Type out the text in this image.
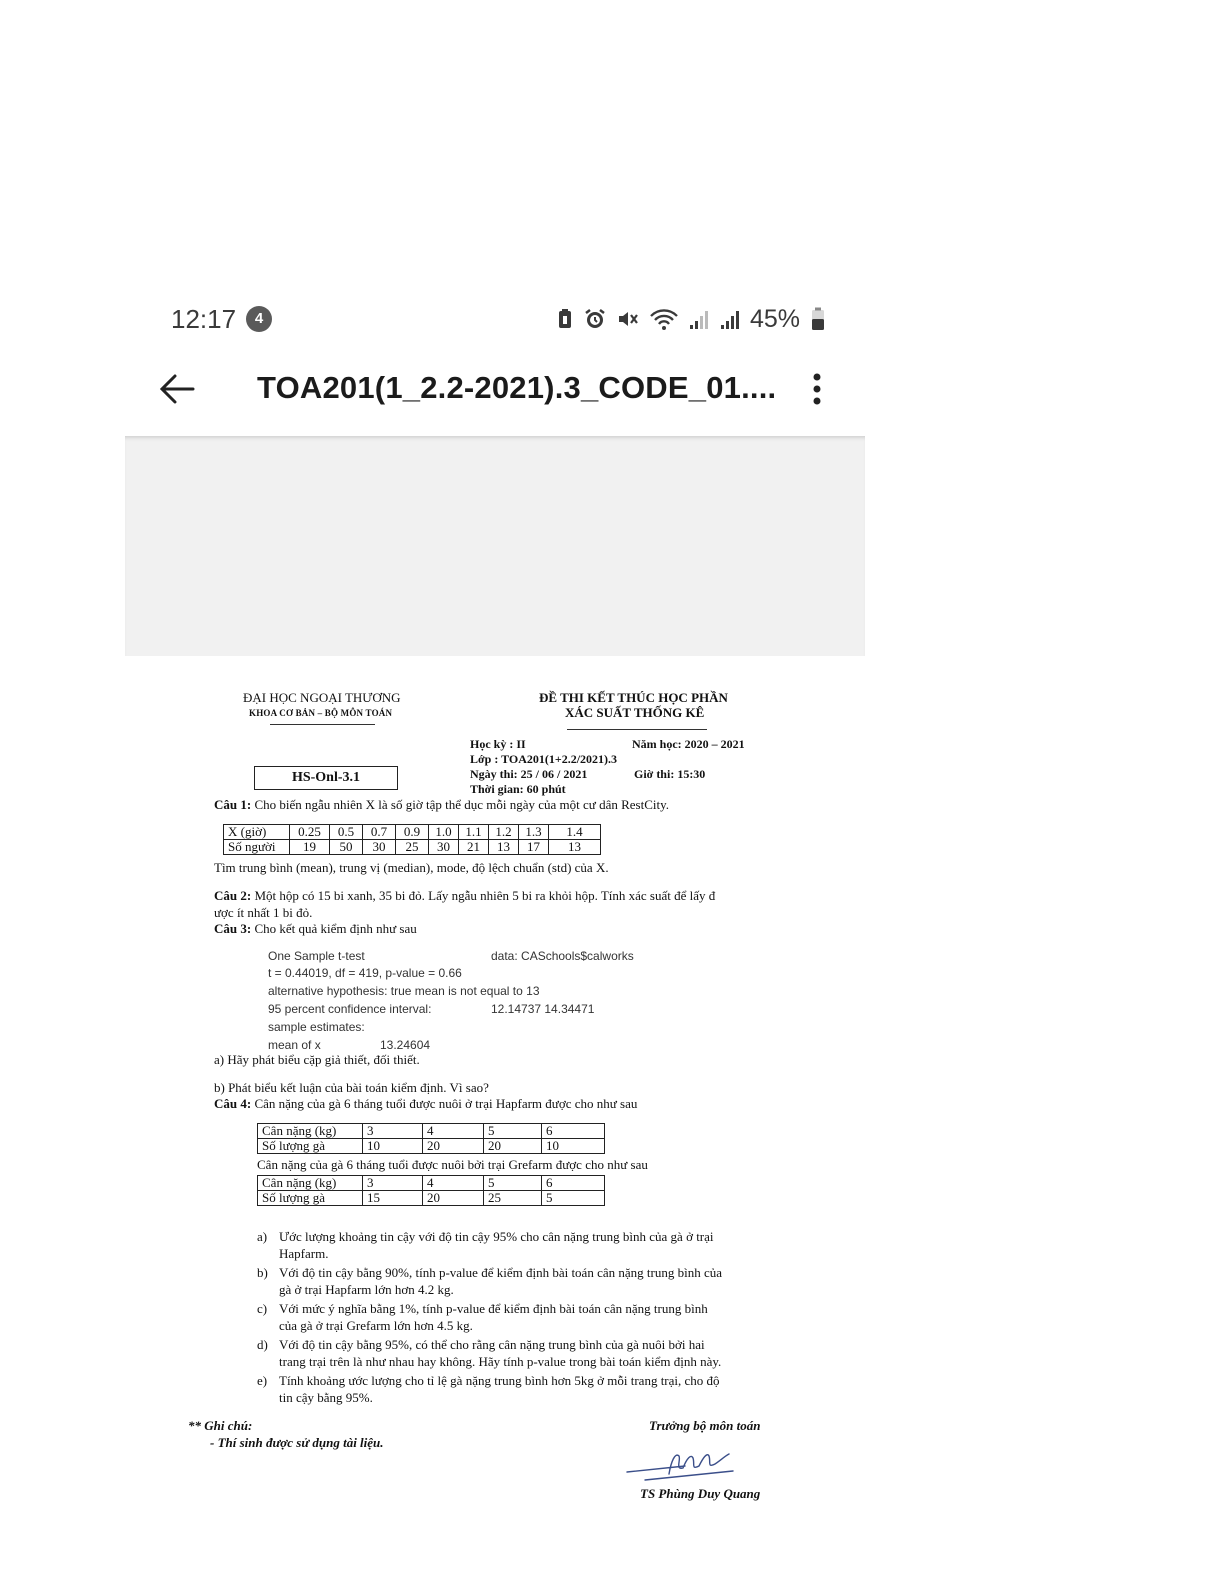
12:17	4	45%
TOA201(1_2.2-2021).3_CODE_01....
ĐẠI HỌC NGOẠI THƯƠNG
KHOA CƠ BẢN – BỘ MÔN TOÁN
ĐỀ THI KẾT THÚC HỌC PHẦN
XÁC SUẤT THỐNG KÊ
Học kỳ : II	Năm học: 2020 – 2021
Lớp : TOA201(1+2.2/2021).3
Ngày thi: 25 / 06 / 2021	Giờ thi: 15:30
Thời gian: 60 phút
HS-Onl-3.1
Câu 1: Cho biến ngẫu nhiên X là số giờ tập thể dục mỗi ngày của một cư dân RestCity.
X (giờ)	0.25	0.5	0.7	0.9	1.0	1.1	1.2	1.3	1.4
Số người	19	50	30	25	30	21	13	17	13
Tìm trung bình (mean), trung vị (median), mode, độ lệch chuẩn (std) của X.
Câu 2: Một hộp có 15 bi xanh, 35 bi đỏ. Lấy ngẫu nhiên 5 bi ra khỏi hộp. Tính xác suất để lấy đ
ược ít nhất 1 bi đỏ.
Câu 3: Cho kết quả kiểm định như sau
One Sample t-test	data: CASchools$calworks
t = 0.44019, df = 419, p-value = 0.66
alternative hypothesis: true mean is not equal to 13
95 percent confidence interval:	12.14737 14.34471
sample estimates:
mean of x	13.24604
a) Hãy phát biểu cặp giả thiết, đối thiết.
b) Phát biểu kết luận của bài toán kiểm định. Vì sao?
Câu 4: Cân nặng của gà 6 tháng tuổi được nuôi ở trại Hapfarm được cho như sau
Cân nặng (kg)	3	4	5	6
Số lượng gà	10	20	20	10
Cân nặng của gà 6 tháng tuổi được nuôi bởi trại Grefarm được cho như sau
Cân nặng (kg)	3	4	5	6
Số lượng gà	15	20	25	5
a) Ước lượng khoảng tin cậy với độ tin cậy 95% cho cân nặng trung bình của gà ở trại
Hapfarm.
b) Với độ tin cậy bằng 90%, tính p-value để kiểm định bài toán cân nặng trung bình của
gà ở trại Hapfarm lớn hơn 4.2 kg.
c) Với mức ý nghĩa bằng 1%, tính p-value để kiểm định bài toán cân nặng trung bình
của gà ở trại Grefarm lớn hơn 4.5 kg.
d) Với độ tin cậy bằng 95%, có thể cho rằng cân nặng trung bình của gà nuôi bởi hai
trang trại trên là như nhau hay không. Hãy tính p-value trong bài toán kiểm định này.
e) Tính khoảng ước lượng cho tỉ lệ gà nặng trung bình hơn 5kg ở mỗi trang trại, cho độ
tin cậy bằng 95%.
** Ghi chú:
- Thí sinh được sử dụng tài liệu.
Trưởng bộ môn toán
TS Phùng Duy Quang
